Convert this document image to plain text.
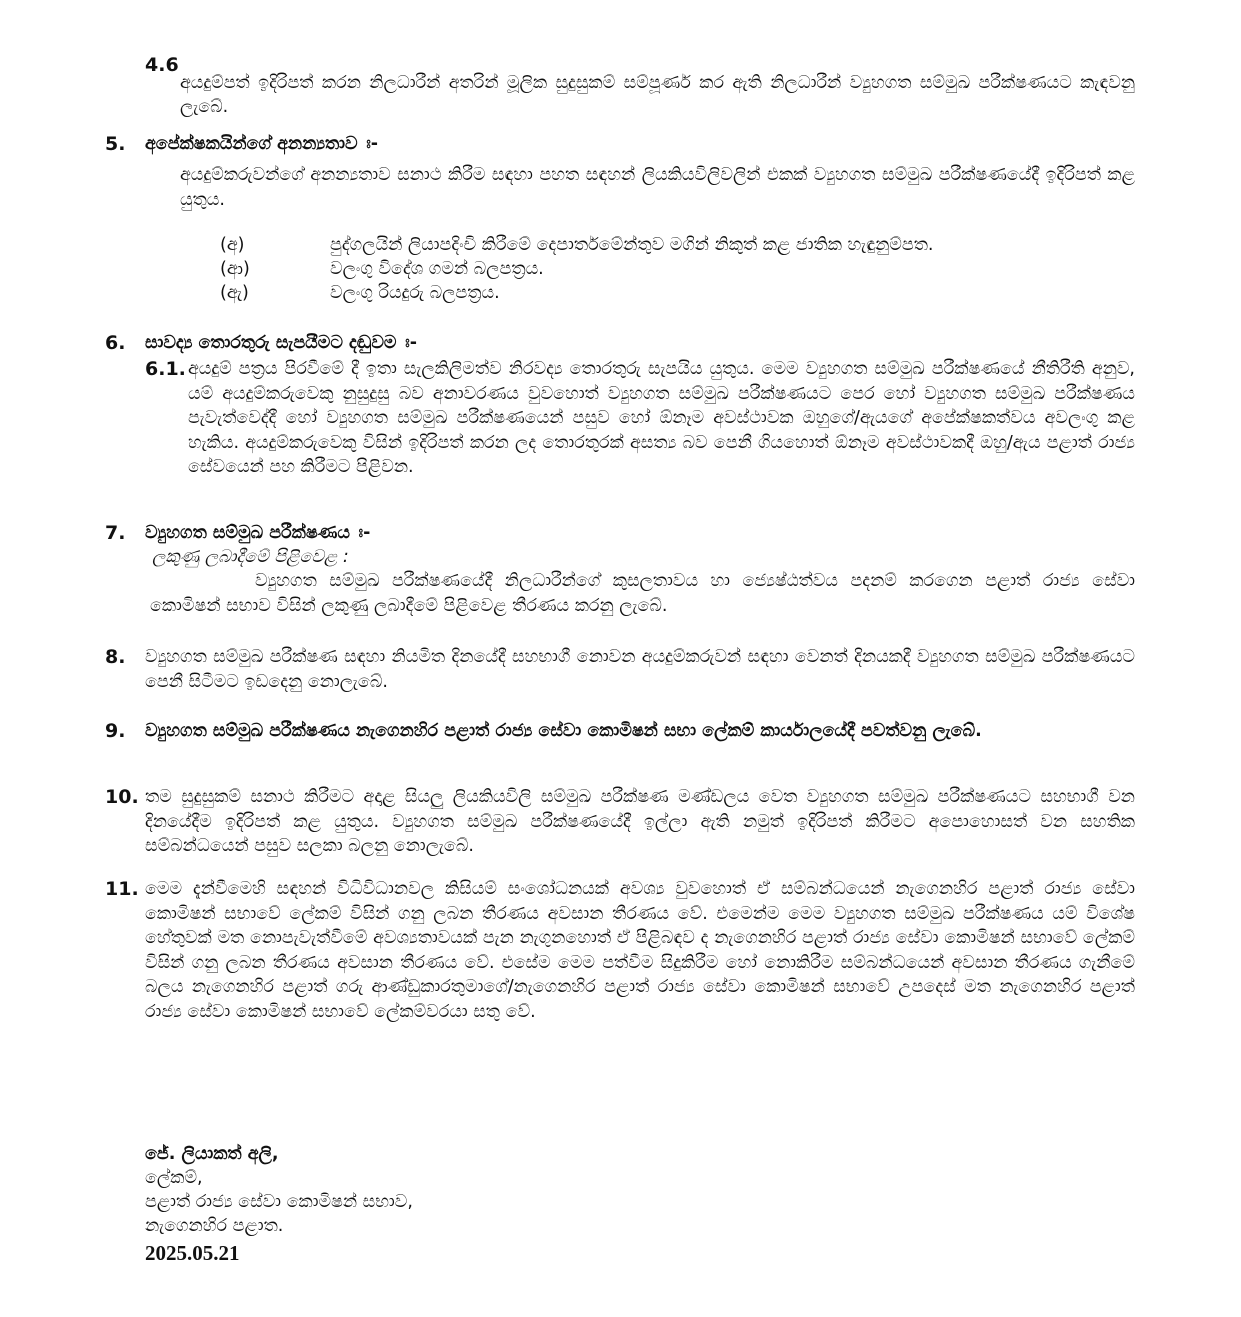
4.6

අයදුම්පත් ඉදිරිපත් කරන නිලධාරීන් අතරින් මූලික සුදුසුකම් සම්පූර්ණ කර ඇති නිලධාරීන් ව්‍යුහගත සම්මුඛ පරීක්ෂණයට කැඳවනු ලැබේ.

5. අපේක්ෂකයින්ගේ අනන්‍යතාව ඃ-

අයදුම්කරුවන්ගේ අනන්‍යතාව සනාථ කිරීම සඳහා පහත සඳහන් ලියකියවිලිවලින් එකක් ව්‍යුහගත සම්මුඛ පරීක්ෂණයේදී ඉදිරිපත් කළ යුතුය.

(අ)	පුද්ගලයින් ලියාපදිංචි කිරීමේ දෙපාර්තමේන්තුව මගින් නිකුත් කළ ජාතික හැඳුනුම්පත.
(ආ)	වලංගු විදේශ ගමන් බලපත්‍රය.
(ඇ)	වලංගු රියදුරු බලපත්‍රය.
6. සාවද්‍ය තොරතුරු සැපයීමට දඬුවම ඃ-
6.1. අයදුම් පත්‍රය පිරවීමේ දී ඉතා සැලකිලිමත්ව නිරවද්‍ය තොරතුරු සැපයිය යුතුය. මෙම ව්‍යුහගත සම්මුඛ පරීක්ෂණයේ නීතිරීති අනුව, යම් අයදුම්කරුවෙකු නුසුදුසු බව අනාවරණය වුවහොත් ව්‍යුහගත සම්මුඛ පරීක්ෂණයට පෙර හෝ ව්‍යුහගත සම්මුඛ පරීක්ෂණය පැවැත්වෙද්දී හෝ ව්‍යුහගත සම්මුඛ පරීක්ෂණයෙන් පසුව හෝ ඕනෑම අවස්ථාවක ඔහුගේ/ඇයගේ අපේක්ෂකත්වය අවලංගු කළ හැකිය. අයදුම්කරුවෙකු විසින් ඉදිරිපත් කරන ලද තොරතුරක් අසත්‍ය බව පෙනී ගියහොත් ඕනෑම අවස්ථාවකදී ඔහු/ඇය පළාත් රාජ්‍ය සේවයෙන් පහ කිරීමට පිළිවන.

7. ව්‍යුහගත සම්මුඛ පරීක්ෂණය ඃ-
ලකුණු ලබාදීමේ පිළිවෙළ :

ව්‍යුහගත සම්මුඛ පරීක්ෂණයේදී නිලධාරීන්ගේ කුසලතාවය හා ජ්‍යෙෂ්ඨත්වය පදනම් කරගෙන පළාත් රාජ්‍ය සේවා කොමිෂන් සභාව විසින් ලකුණු ලබාදීමේ පිළිවෙළ තීරණය කරනු ලැබේ.

8. ව්‍යුහගත සම්මුඛ පරීක්ෂණ සඳහා නියමිත දිනයේදී සහභාගී නොවන අයදුම්කරුවන් සඳහා වෙනත් දිනයකදී ව්‍යුහගත සම්මුඛ පරීක්ෂණයට පෙනී සිටීමට ඉඩදෙනු නොලැබේ.

9. ව්‍යුහගත සම්මුඛ පරීක්ෂණය නැගෙනහිර පළාත් රාජ්‍ය සේවා කොමිෂන් සභා ලේකම් කාර්යාලයේදී පවත්වනු ලැබේ.

10. තම සුදුසුකම් සනාථ කිරීමට අදාළ සියලු ලියකියවිලි සම්මුඛ පරීක්ෂණ මණ්ඩලය වෙත ව්‍යුහගත සම්මුඛ පරීක්ෂණයට සහභාගී වන දිනයේදීම ඉදිරිපත් කළ යුතුය. ව්‍යුහගත සම්මුඛ පරීක්ෂණයේදී ඉල්ලා ඇති නමුත් ඉදිරිපත් කිරීමට අපොහොසත් වන සහතික සම්බන්ධයෙන් පසුව සලකා බලනු නොලැබේ.

11. මෙම දැන්වීමෙහි සඳහන් විධිවිධානවල කිසියම් සංශෝධනයක් අවශ්‍ය වුවහොත් ඒ සම්බන්ධයෙන් නැගෙනහිර පළාත් රාජ්‍ය සේවා කොමිෂන් සභාවේ ලේකම් විසින් ගනු ලබන තීරණය අවසාන තීරණය වේ. එමෙන්ම මෙම ව්‍යුහගත සම්මුඛ පරීක්ෂණය යම් විශේෂ හේතුවක් මත නොපැවැත්වීමේ අවශ්‍යතාවයක් පැන නැගුනහොත් ඒ පිළිබඳව ද නැගෙනහිර පළාත් රාජ්‍ය සේවා කොමිෂන් සභාවේ ලේකම් විසින් ගනු ලබන තීරණය අවසාන තීරණය වේ. එසේම මෙම පත්වීම සිදුකිරීම හෝ නොකිරීම සම්බන්ධයෙන් අවසාන තීරණය ගැනීමේ බලය නැගෙනහිර පළාත් ගරු ආණ්ඩුකාරතුමාගේ/නැගෙනහිර පළාත් රාජ්‍ය සේවා කොමිෂන් සභාවේ උපදෙස් මත නැගෙනහිර පළාත් රාජ්‍ය සේවා කොමිෂන් සභාවේ ලේකම්වරයා සතු වේ.

ජේ. ලියාකත් අලි,
ලේකම්,
පළාත් රාජ්‍ය සේවා කොමිෂන් සභාව,
නැගෙනහිර පළාත.
2025.05.21
